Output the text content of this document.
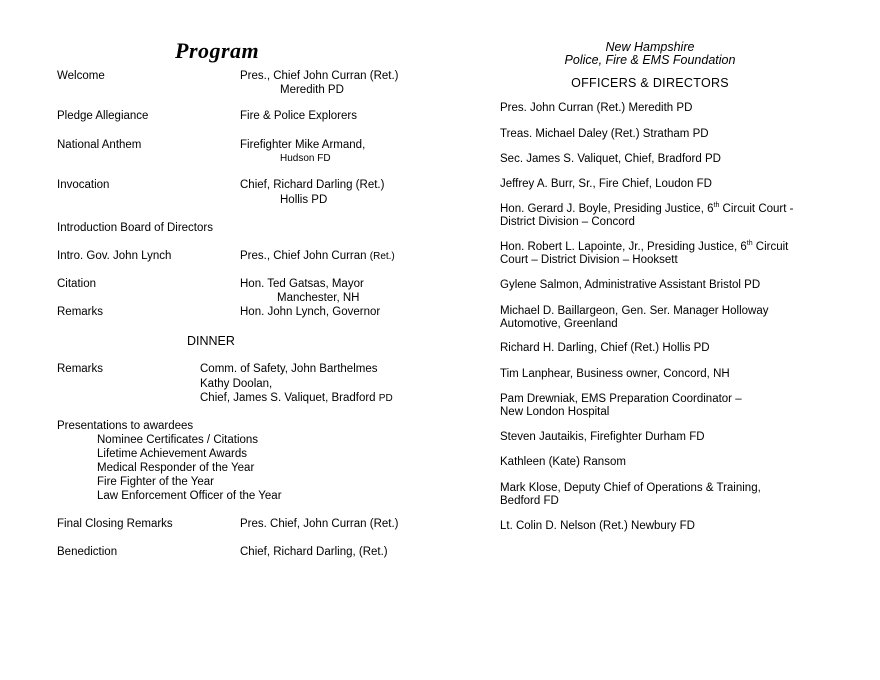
Program
Welcome	Pres., Chief John Curran (Ret.)
Meredith PD
Pledge Allegiance	Fire & Police Explorers
National Anthem	Firefighter Mike Armand,
Hudson FD
Invocation	Chief, Richard Darling (Ret.)
Hollis PD
Introduction Board of Directors
Intro. Gov. John Lynch	Pres., Chief John Curran (Ret.)
Citation	Hon. Ted Gatsas, Mayor
Manchester, NH
Remarks	Hon. John Lynch, Governor
DINNER
Remarks	Comm. of Safety, John Barthelmes
Kathy Doolan,
Chief, James S. Valiquet, Bradford PD
Presentations to awardees
Nominee Certificates / Citations
Lifetime Achievement Awards
Medical Responder of the Year
Fire Fighter of the Year
Law Enforcement Officer of the Year
Final Closing Remarks	Pres. Chief, John Curran (Ret.)
Benediction	Chief, Richard Darling, (Ret.)
New Hampshire
Police, Fire & EMS Foundation
OFFICERS & DIRECTORS
Pres. John Curran (Ret.) Meredith PD
Treas. Michael Daley (Ret.) Stratham PD
Sec. James S. Valiquet, Chief, Bradford PD
Jeffrey A. Burr, Sr., Fire Chief, Loudon FD
Hon. Gerard J. Boyle, Presiding Justice, 6th Circuit Court -
District Division – Concord
Hon. Robert L. Lapointe, Jr., Presiding Justice, 6th Circuit
Court – District Division – Hooksett
Gylene Salmon, Administrative Assistant Bristol PD
Michael D. Baillargeon, Gen. Ser. Manager Holloway
Automotive, Greenland
Richard H. Darling, Chief (Ret.) Hollis PD
Tim Lanphear, Business owner, Concord, NH
Pam Drewniak, EMS Preparation Coordinator –
New London Hospital
Steven Jautaikis, Firefighter Durham FD
Kathleen (Kate) Ransom
Mark Klose, Deputy Chief of Operations & Training,
Bedford FD
Lt. Colin D. Nelson (Ret.) Newbury FD
